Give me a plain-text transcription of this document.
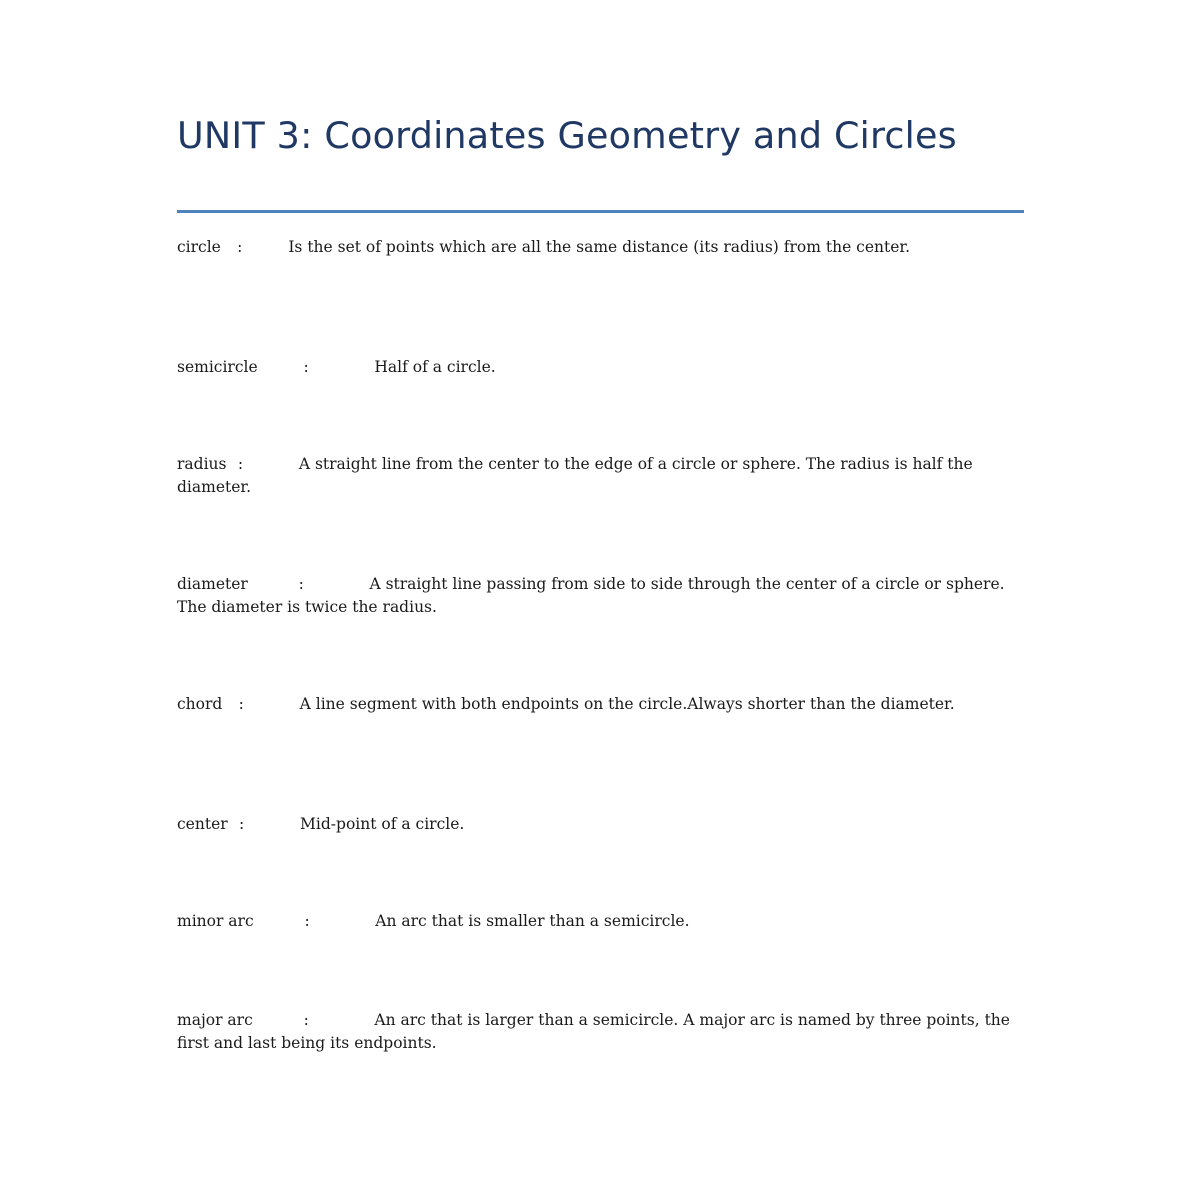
UNIT 3: Coordinates Geometry and Circles

circle   :         Is the set of points which are all the same distance (its radius) from the center.

semicircle         :             Half of a circle.

radius  :           A straight line from the center to the edge of a circle or sphere. The radius is half the diameter.

diameter          :             A straight line passing from side to side through the center of a circle or sphere. The diameter is twice the radius.

chord   :           A line segment with both endpoints on the circle.Always shorter than the diameter.

center  :           Mid-point of a circle.

minor arc          :             An arc that is smaller than a semicircle.

major arc          :             An arc that is larger than a semicircle. A major arc is named by three points, the first and last being its endpoints.
